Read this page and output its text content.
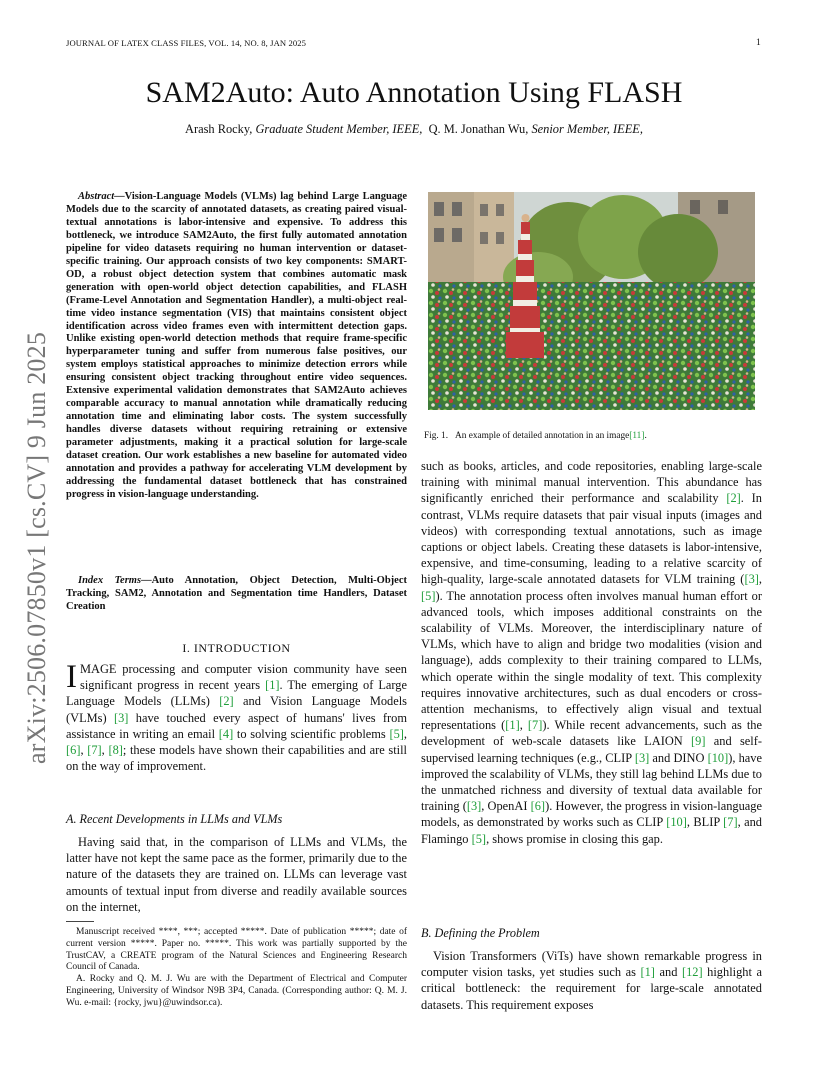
JOURNAL OF LATEX CLASS FILES, VOL. 14, NO. 8, JAN 2025	1
SAM2Auto: Auto Annotation Using FLASH
Arash Rocky, Graduate Student Member, IEEE, Q. M. Jonathan Wu, Senior Member, IEEE,
arXiv:2506.07850v1 [cs.CV] 9 Jun 2025

Abstract—Vision-Language Models (VLMs) lag behind Large Language Models due to the scarcity of annotated datasets, as creating paired visual-textual annotations is labor-intensive and expensive. To address this bottleneck, we introduce SAM2Auto, the first fully automated annotation pipeline for video datasets requiring no human intervention or dataset-specific training. Our approach consists of two key components: SMART-OD, a robust object detection system that combines automatic mask generation with open-world object detection capabilities, and FLASH (Frame-Level Annotation and Segmentation Handler), a multi-object real-time video instance segmentation (VIS) that maintains consistent object identification across video frames even with intermittent detection gaps. Unlike existing open-world detection methods that require frame-specific hyperparameter tuning and suffer from numerous false positives, our system employs statistical approaches to minimize detection errors while ensuring consistent object tracking throughout entire video sequences. Extensive experimental validation demonstrates that SAM2Auto achieves comparable accuracy to manual annotation while dramatically reducing annotation time and eliminating labor costs. The system successfully handles diverse datasets without requiring retraining or extensive parameter adjustments, making it a practical solution for large-scale dataset creation. Our work establishes a new baseline for automated video annotation and provides a pathway for accelerating VLM development by addressing the fundamental dataset bottleneck that has constrained progress in vision-language understanding.

Index Terms—Auto Annotation, Object Detection, Multi-Object Tracking, SAM2, Annotation and Segmentation time Handlers, Dataset Creation

I. INTRODUCTION
IMAGE processing and computer vision community have seen significant progress in recent years [1]. The emerging of Large Language Models (LLMs) [2] and Vision Language Models (VLMs) [3] have touched every aspect of humans' lives from assistance in writing an email [4] to solving scientific problems [5], [6], [7], [8]; these models have shown their capabilities and are still on the way of improvement.
A. Recent Developments in LLMs and VLMs
Having said that, in the comparison of LLMs and VLMs, the latter have not kept the same pace as the former, primarily due to the nature of the datasets they are trained on. LLMs can leverage vast amounts of textual input from diverse and readily available sources on the internet,

Manuscript received ****, ***; accepted *****. Date of publication *****; date of current version *****. Paper no. *****. This work was partially supported by the TrustCAV, a CREATE program of the Natural Sciences and Engineering Research Council of Canada.

A. Rocky and Q. M. J. Wu are with the Department of Electrical and Computer Engineering, University of Windsor N9B 3P4, Canada. (Corresponding author: Q. M. J. Wu. e-mail: {rocky, jwu}@uwindsor.ca).

Fig. 1. An example of detailed annotation in an image[11].
such as books, articles, and code repositories, enabling large-scale training with minimal manual intervention. This abundance has significantly enriched their performance and scalability [2]. In contrast, VLMs require datasets that pair visual inputs (images and videos) with corresponding textual annotations, such as image captions or object labels. Creating these datasets is labor-intensive, expensive, and time-consuming, leading to a relative scarcity of high-quality, large-scale annotated datasets for VLM training ([3], [5]). The annotation process often involves manual human effort or advanced tools, which imposes additional constraints on the scalability of VLMs. Moreover, the interdisciplinary nature of VLMs, which have to align and bridge two modalities (vision and language), adds complexity to their training compared to LLMs, which operate within the single modality of text. This complexity requires innovative architectures, such as dual encoders or cross-attention mechanisms, to effectively align visual and textual representations ([1], [7]). While recent advancements, such as the development of web-scale datasets like LAION [9] and self-supervised learning techniques (e.g., CLIP [3] and DINO [10]), have improved the scalability of VLMs, they still lag behind LLMs due to the unmatched richness and diversity of textual data available for training ([3], OpenAI [6]). However, the progress in vision-language models, as demonstrated by works such as CLIP [10], BLIP [7], and Flamingo [5], shows promise in closing this gap.
B. Defining the Problem
Vision Transformers (ViTs) have shown remarkable progress in computer vision tasks, yet studies such as [1] and [12] highlight a critical bottleneck: the requirement for large-scale annotated datasets. This requirement exposes
